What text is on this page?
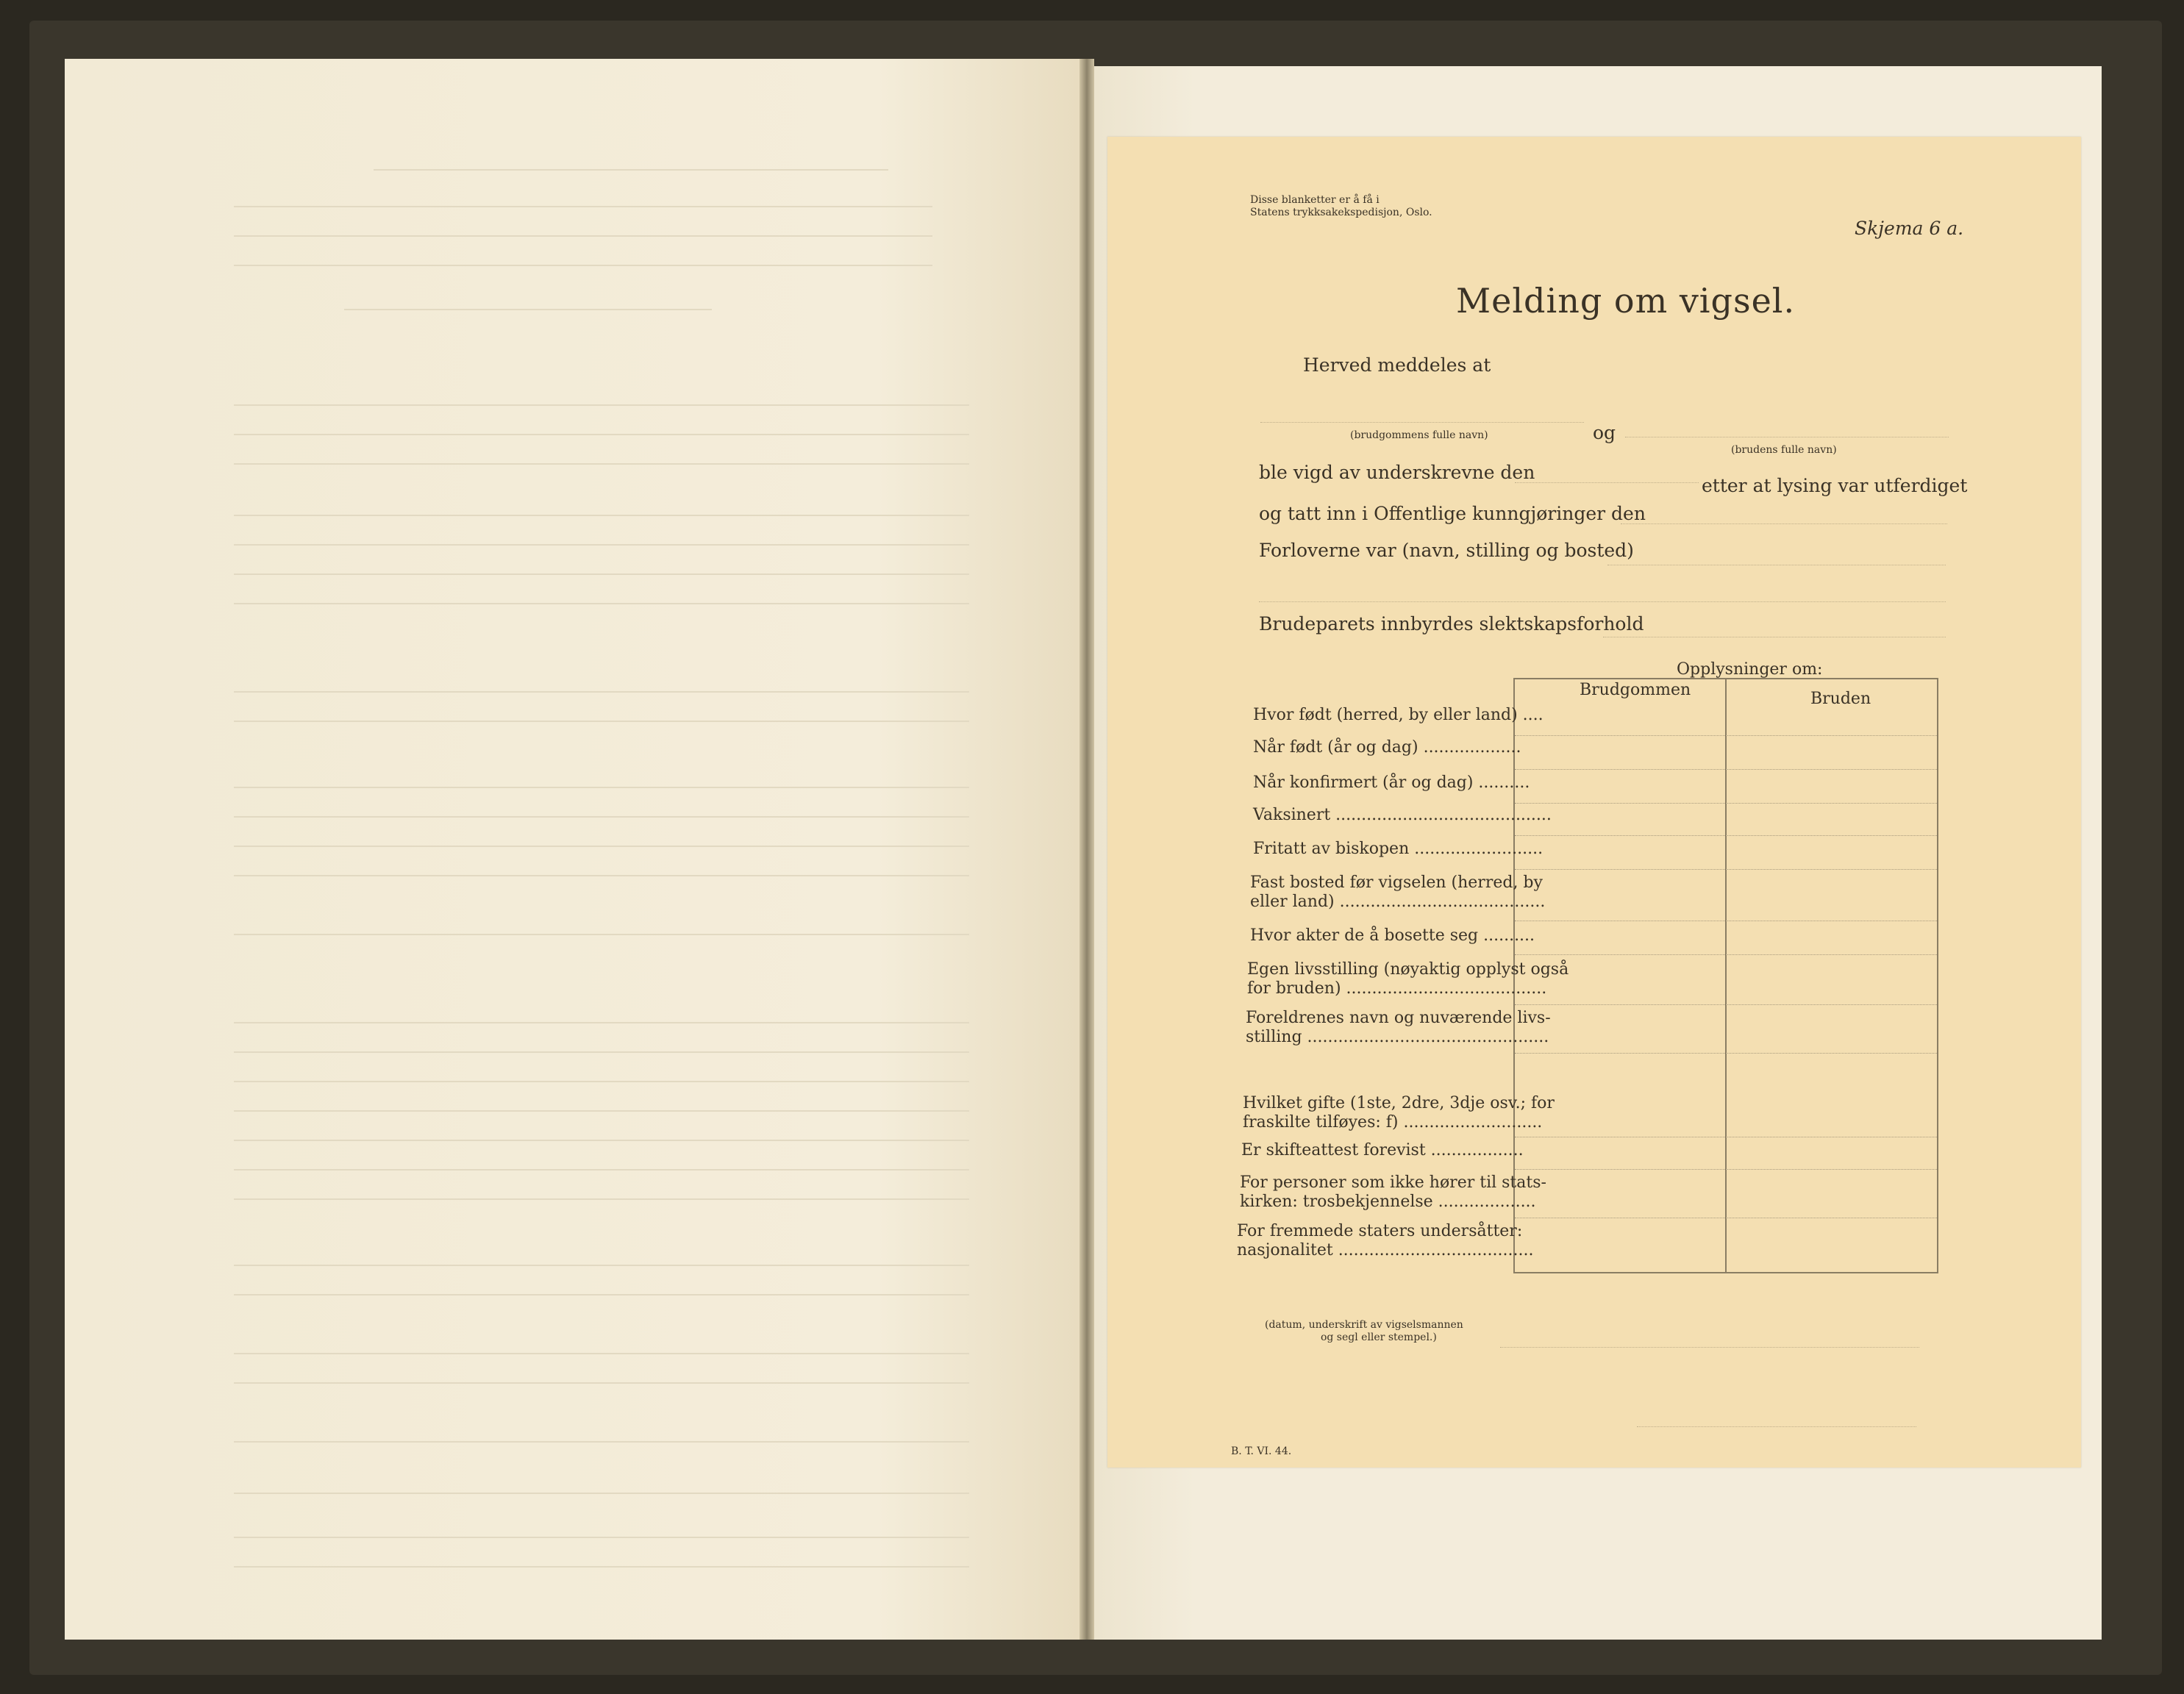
Disse blanketter er å få i
Statens trykksakekspedisjon, Oslo.
Skjema 6 a.
Melding om vigsel.
Herved meddeles at
(brudgommens fulle navn)	og
(brudens fulle navn)
ble vigd av underskrevne den
etter at lysing var utferdiget
og tatt inn i Offentlige kunngjøringer den
Forloverne var (navn, stilling og bosted)
Brudeparets innbyrdes slektskapsforhold
Opplysninger om:
Brudgommen	Bruden
Hvor født (herred, by eller land) ....
Når født (år og dag) ...................
Når konfirmert (år og dag) ..........
Vaksinert ..........................................
Fritatt av biskopen .........................
Fast bosted før vigselen (herred, by
eller land) ........................................
Hvor akter de å bosette seg ..........
Egen livsstilling (nøyaktig opplyst også
for bruden) .......................................
Foreldrenes navn og nuværende livs-
stilling ...............................................
Hvilket gifte (1ste, 2dre, 3dje osv.; for
fraskilte tilføyes: f) ...........................
Er skifteattest forevist ..................
For personer som ikke hører til stats-
kirken: trosbekjennelse ...................
For fremmede staters undersåtter:
nasjonalitet ......................................
(datum, underskrift av vigselsmannen
og segl eller stempel.)
B. T. VI. 44.
